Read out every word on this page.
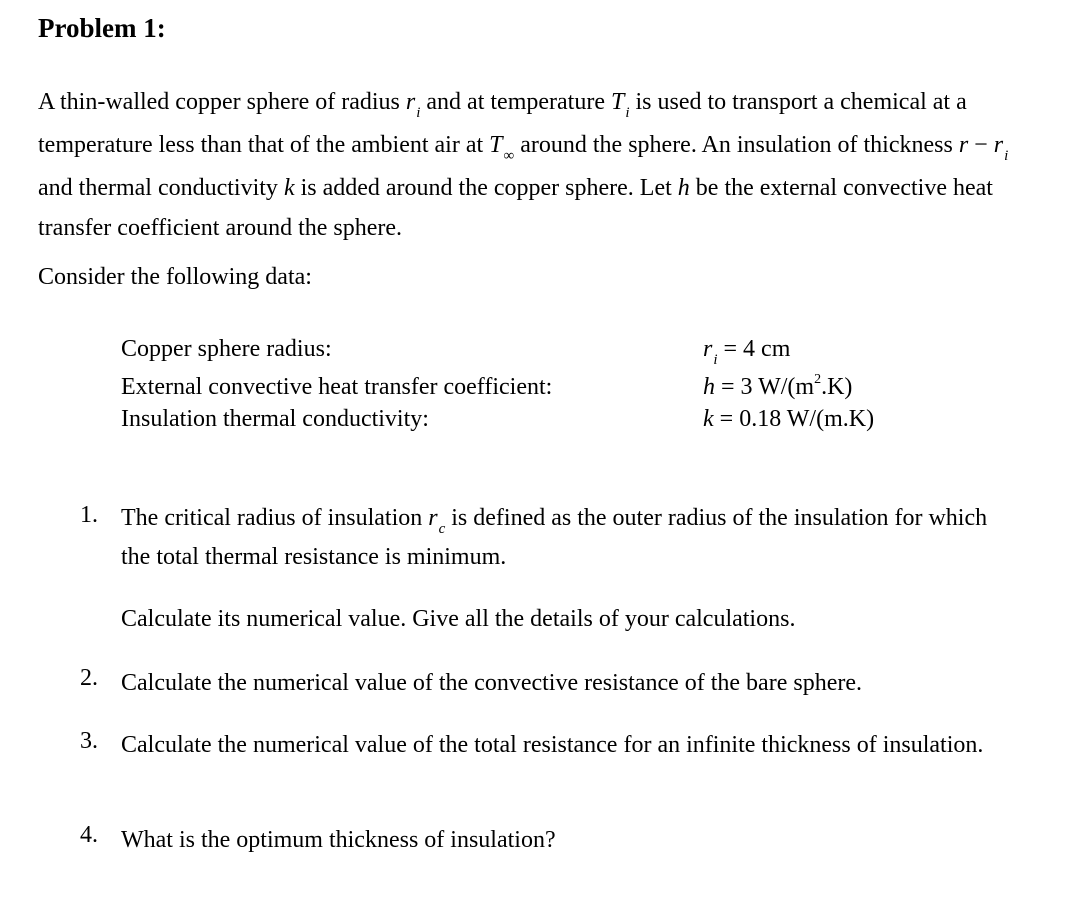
Problem 1:

A thin-walled copper sphere of radius $r_i$ and at temperature $T_i$ is used to transport a chemical at a temperature less than that of the ambient air at $T_\infty$ around the sphere. An insulation of thickness $r - r_i$ and thermal conductivity k is added around the copper sphere. Let h be the external convective heat transfer coefficient around the sphere.

Consider the following data:

Copper sphere radius:	$r_i = 4$ cm
External convective heat transfer coefficient:	h = 3 $W/(m^2.K)$
Insulation thermal conductivity:	k = 0.18 W/(m.K)
1. The critical radius of insulation $r_c$ is defined as the outer radius of the insulation for which the total thermal resistance is minimum.

Calculate its numerical value. Give all the details of your calculations.

2. Calculate the numerical value of the convective resistance of the bare sphere.

3. Calculate the numerical value of the total resistance for an infinite thickness of insulation.

4. What is the optimum thickness of insulation?
